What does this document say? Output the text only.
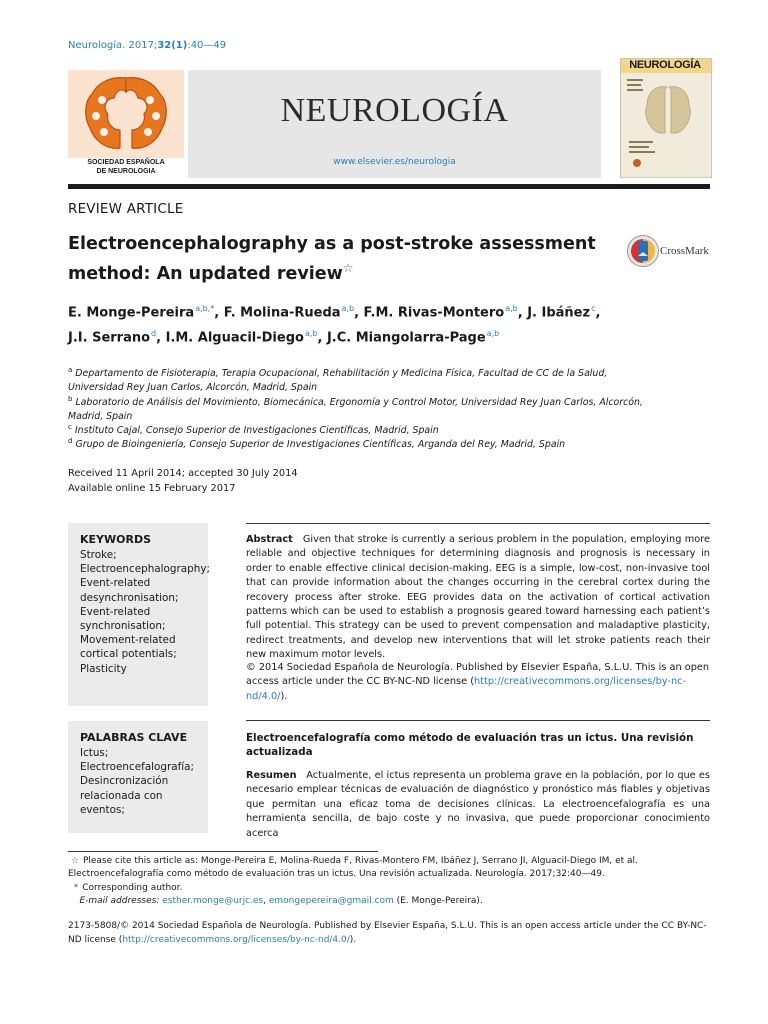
Neurología. 2017;32(1):40—49
SOCIEDAD ESPAÑOLA
DE NEUROLOGIA
NEUROLOGÍA
www.elsevier.es/neurologia
NEUROLOGÍA
REVIEW ARTICLE
Electroencephalography as a post-stroke assessment method: An updated review☆
CrossMark
E. Monge-Pereira$^{a,b,*}$, F. Molina-Rueda$^{a,b}$, F.M. Rivas-Montero$^{a,b}$, J. Ibáñez$^c$,
J.I. Serrano$^d$, I.M. Alguacil-Diego$^{a,b}$, J.C. Miangolarra-Page$^{a,b}$
$^a$ Departamento de Fisioterapia, Terapia Ocupacional, Rehabilitación y Medicina Física, Facultad de CC de la Salud,
Universidad Rey Juan Carlos, Alcorcón, Madrid, Spain
$^b$ Laboratorio de Análisis del Movimiento, Biomecánica, Ergonomía y Control Motor, Universidad Rey Juan Carlos, Alcorcón,
Madrid, Spain
$^c$ Instituto Cajal, Consejo Superior de Investigaciones Científicas, Madrid, Spain
$^d$ Grupo de Bioingeniería, Consejo Superior de Investigaciones Científicas, Arganda del Rey, Madrid, Spain
Received 11 April 2014; accepted 30 July 2014
Available online 15 February 2017
KEYWORDS
Stroke;
Electroencephalography;
Event-related
desynchronisation;
Event-related
synchronisation;
Movement-related
cortical potentials;
Plasticity
Abstract Given that stroke is currently a serious problem in the population, employing more reliable and objective techniques for determining diagnosis and prognosis is necessary in order to enable effective clinical decision-making. EEG is a simple, low-cost, non-invasive tool that can provide information about the changes occurring in the cerebral cortex during the recovery process after stroke. EEG provides data on the activation of cortical activation patterns which can be used to establish a prognosis geared toward harnessing each patient’s full potential. This strategy can be used to prevent compensation and maladaptive plasticity, redirect treatments, and develop new interventions that will let stroke patients reach their new maximum motor levels.
© 2014 Sociedad Española de Neurología. Published by Elsevier España, S.L.U. This is an open access article under the CC BY-NC-ND license (http://creativecommons.org/licenses/by-nc-nd/4.0/).
PALABRAS CLAVE
Ictus;
Electroencefalografía;
Desincronización
relacionada con
eventos;
Electroencefalografía como método de evaluación tras un ictus. Una revisión actualizada
Resumen Actualmente, el ictus representa un problema grave en la población, por lo que es necesario emplear técnicas de evaluación de diagnóstico y pronóstico más fiables y objetivas que permitan una eficaz toma de decisiones clínicas. La electroencefalografía es una herramienta sencilla, de bajo coste y no invasiva, que puede proporcionar conocimiento acerca
☆ Please cite this article as: Monge-Pereira E, Molina-Rueda F, Rivas-Montero FM, Ibáñez J, Serrano JI, Alguacil-Diego IM, et al. Electroencefalografía como método de evaluación tras un ictus. Una revisión actualizada. Neurología. 2017;32:40—49.
* Corresponding author.
E-mail addresses: esther.monge@urjc.es, emongepereira@gmail.com (E. Monge-Pereira).
2173-5808/© 2014 Sociedad Española de Neurología. Published by Elsevier España, S.L.U. This is an open access article under the CC BY-NC-ND license (http://creativecommons.org/licenses/by-nc-nd/4.0/).
